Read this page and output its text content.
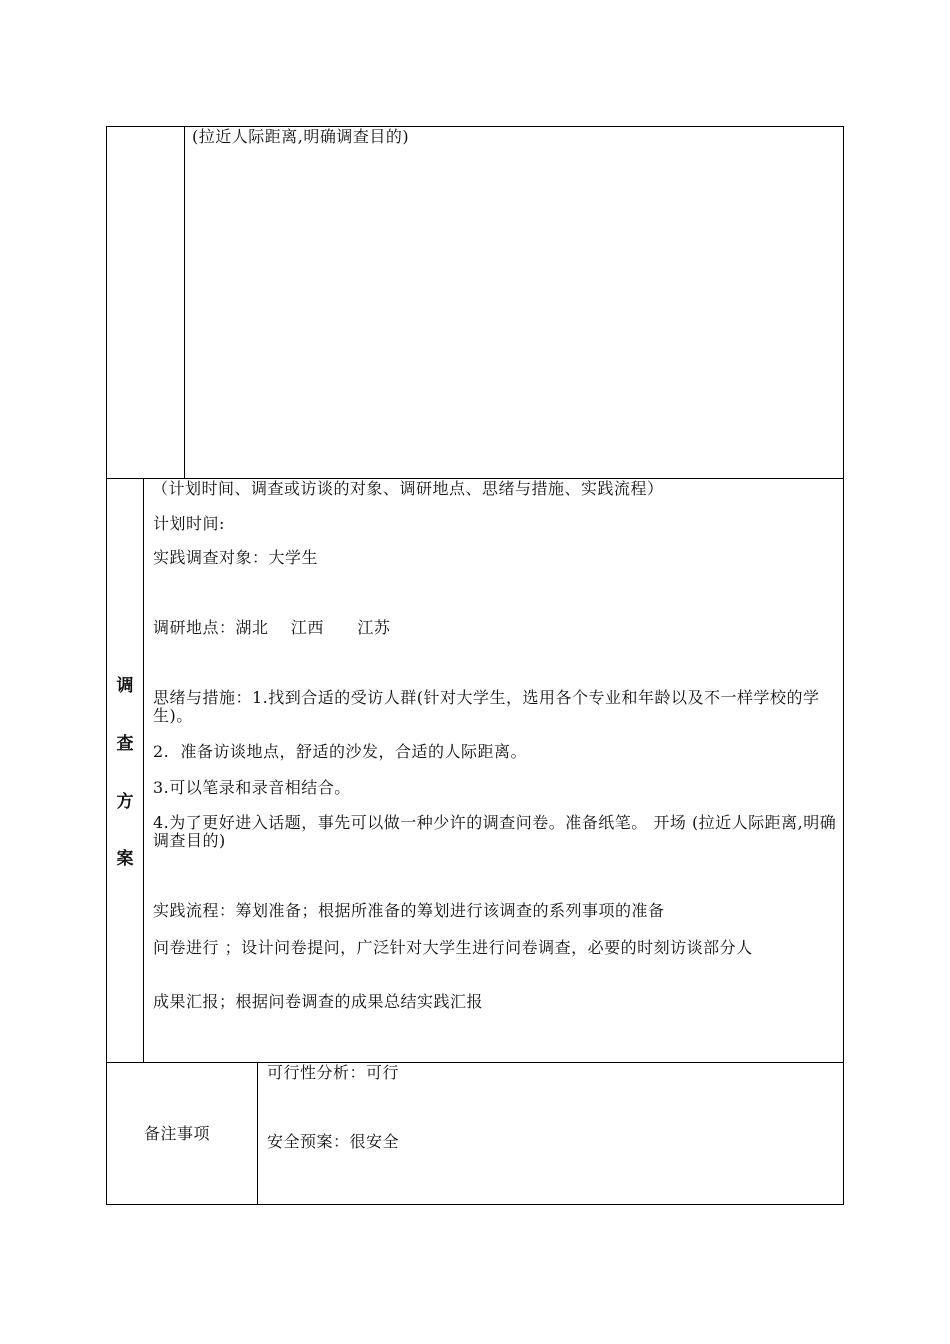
(拉近人际距离,明确调查目的)
调
查
方
案
（计划时间、调查或访谈的对象、调研地点、思绪与措施、实践流程）
计划时间:
实践调查对象：大学生
调研地点：湖北    江西      江苏
思绪与措施：1.找到合适的受访人群(针对大学生，选用各个专业和年龄以及不一样学校的学生)。
2.  准备访谈地点，舒适的沙发，合适的人际距离。
3.可以笔录和录音相结合。
4.为了更好进入话题，事先可以做一种少许的调查问卷。准备纸笔。 开场 (拉近人际距离,明确调查目的)
实践流程：筹划准备；根据所准备的筹划进行该调查的系列事项的准备
问卷进行 ；设计问卷提问，广泛针对大学生进行问卷调查，必要的时刻访谈部分人
成果汇报；根据问卷调查的成果总结实践汇报
备注事项
可行性分析：可行
安全预案：很安全
